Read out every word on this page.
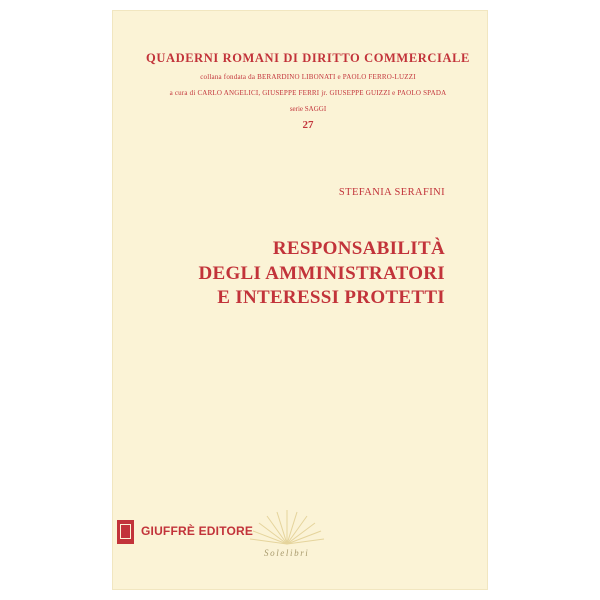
QUADERNI ROMANI DI DIRITTO COMMERCIALE
collana fondata da BERARDINO LIBONATI e PAOLO FERRO-LUZZI
a cura di CARLO ANGELICI, GIUSEPPE FERRI jr. GIUSEPPE GUIZZI e PAOLO SPADA
serie SAGGI
27
STEFANIA SERAFINI
RESPONSABILITÀ
DEGLI AMMINISTRATORI
E INTERESSI PROTETTI
GIUFFRÈ EDITORE
Solelibri
